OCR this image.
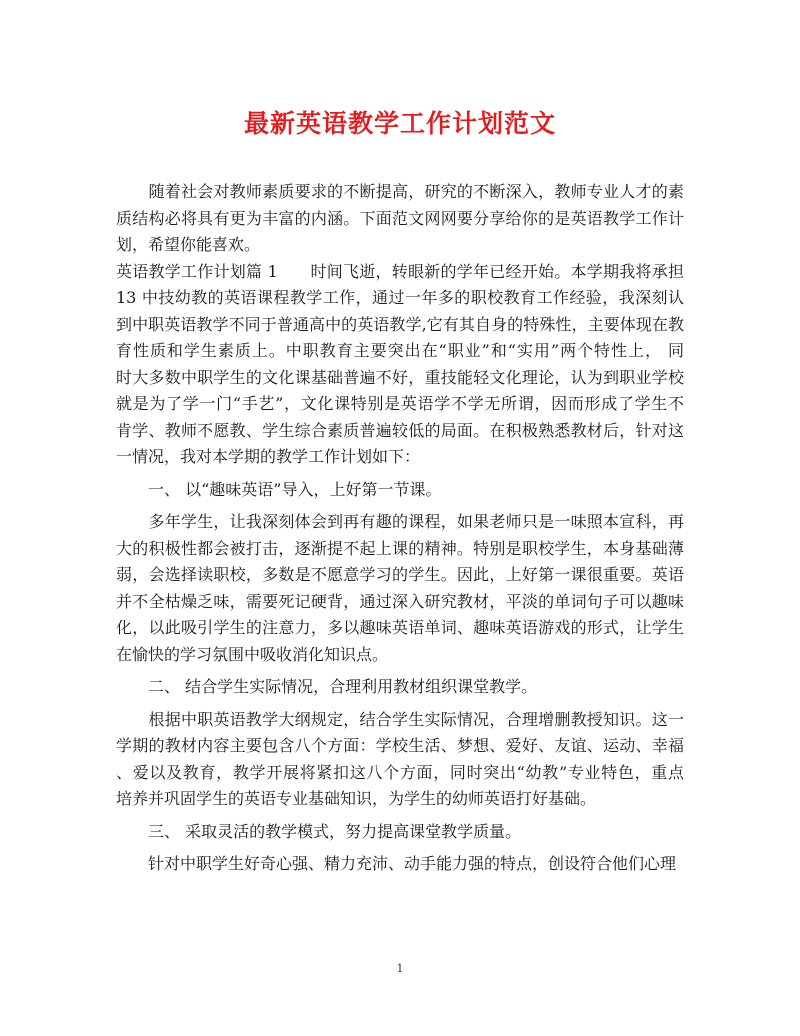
最新英语教学工作计划范文
　　随着社会对教师素质要求的不断提高，研究的不断深入，教师专业人才的素
质结构必将具有更为丰富的内涵。下面范文网网要分享给你的是英语教学工作计
划，希望你能喜欢。
英语教学工作计划篇 1　　时间飞逝，转眼新的学年已经开始。本学期我将承担
13 中技幼教的英语课程教学工作，通过一年多的职校教育工作经验，我深刻认
到中职英语教学不同于普通高中的英语教学,它有其自身的特殊性，主要体现在教
育性质和学生素质上。中职教育主要突出在“职业”和“实用”两个特性上， 同
时大多数中职学生的文化课基础普遍不好，重技能轻文化理论，认为到职业学校
就是为了学一门“手艺”，文化课特别是英语学不学无所谓，因而形成了学生不
肯学、教师不愿教、学生综合素质普遍较低的局面。在积极熟悉教材后，针对这
一情况，我对本学期的教学工作计划如下：
　　一、 以“趣味英语”导入，上好第一节课。
　　多年学生，让我深刻体会到再有趣的课程，如果老师只是一味照本宣科，再
大的积极性都会被打击，逐渐提不起上课的精神。特别是职校学生，本身基础薄
弱，会选择读职校，多数是不愿意学习的学生。因此，上好第一课很重要。英语
并不全枯燥乏味，需要死记硬背，通过深入研究教材，平淡的单词句子可以趣味
化，以此吸引学生的注意力，多以趣味英语单词、趣味英语游戏的形式，让学生
在愉快的学习氛围中吸收消化知识点。
　　二、 结合学生实际情况，合理利用教材组织课堂教学。
　　根据中职英语教学大纲规定，结合学生实际情况，合理增删教授知识。这一
学期的教材内容主要包含八个方面：学校生活、梦想、爱好、友谊、运动、幸福
、爱以及教育，教学开展将紧扣这八个方面，同时突出“幼教”专业特色，重点
培养并巩固学生的英语专业基础知识，为学生的幼师英语打好基础。
　　三、 采取灵活的教学模式，努力提高课堂教学质量。
　　针对中职学生好奇心强、精力充沛、动手能力强的特点，创设符合他们心理
1
